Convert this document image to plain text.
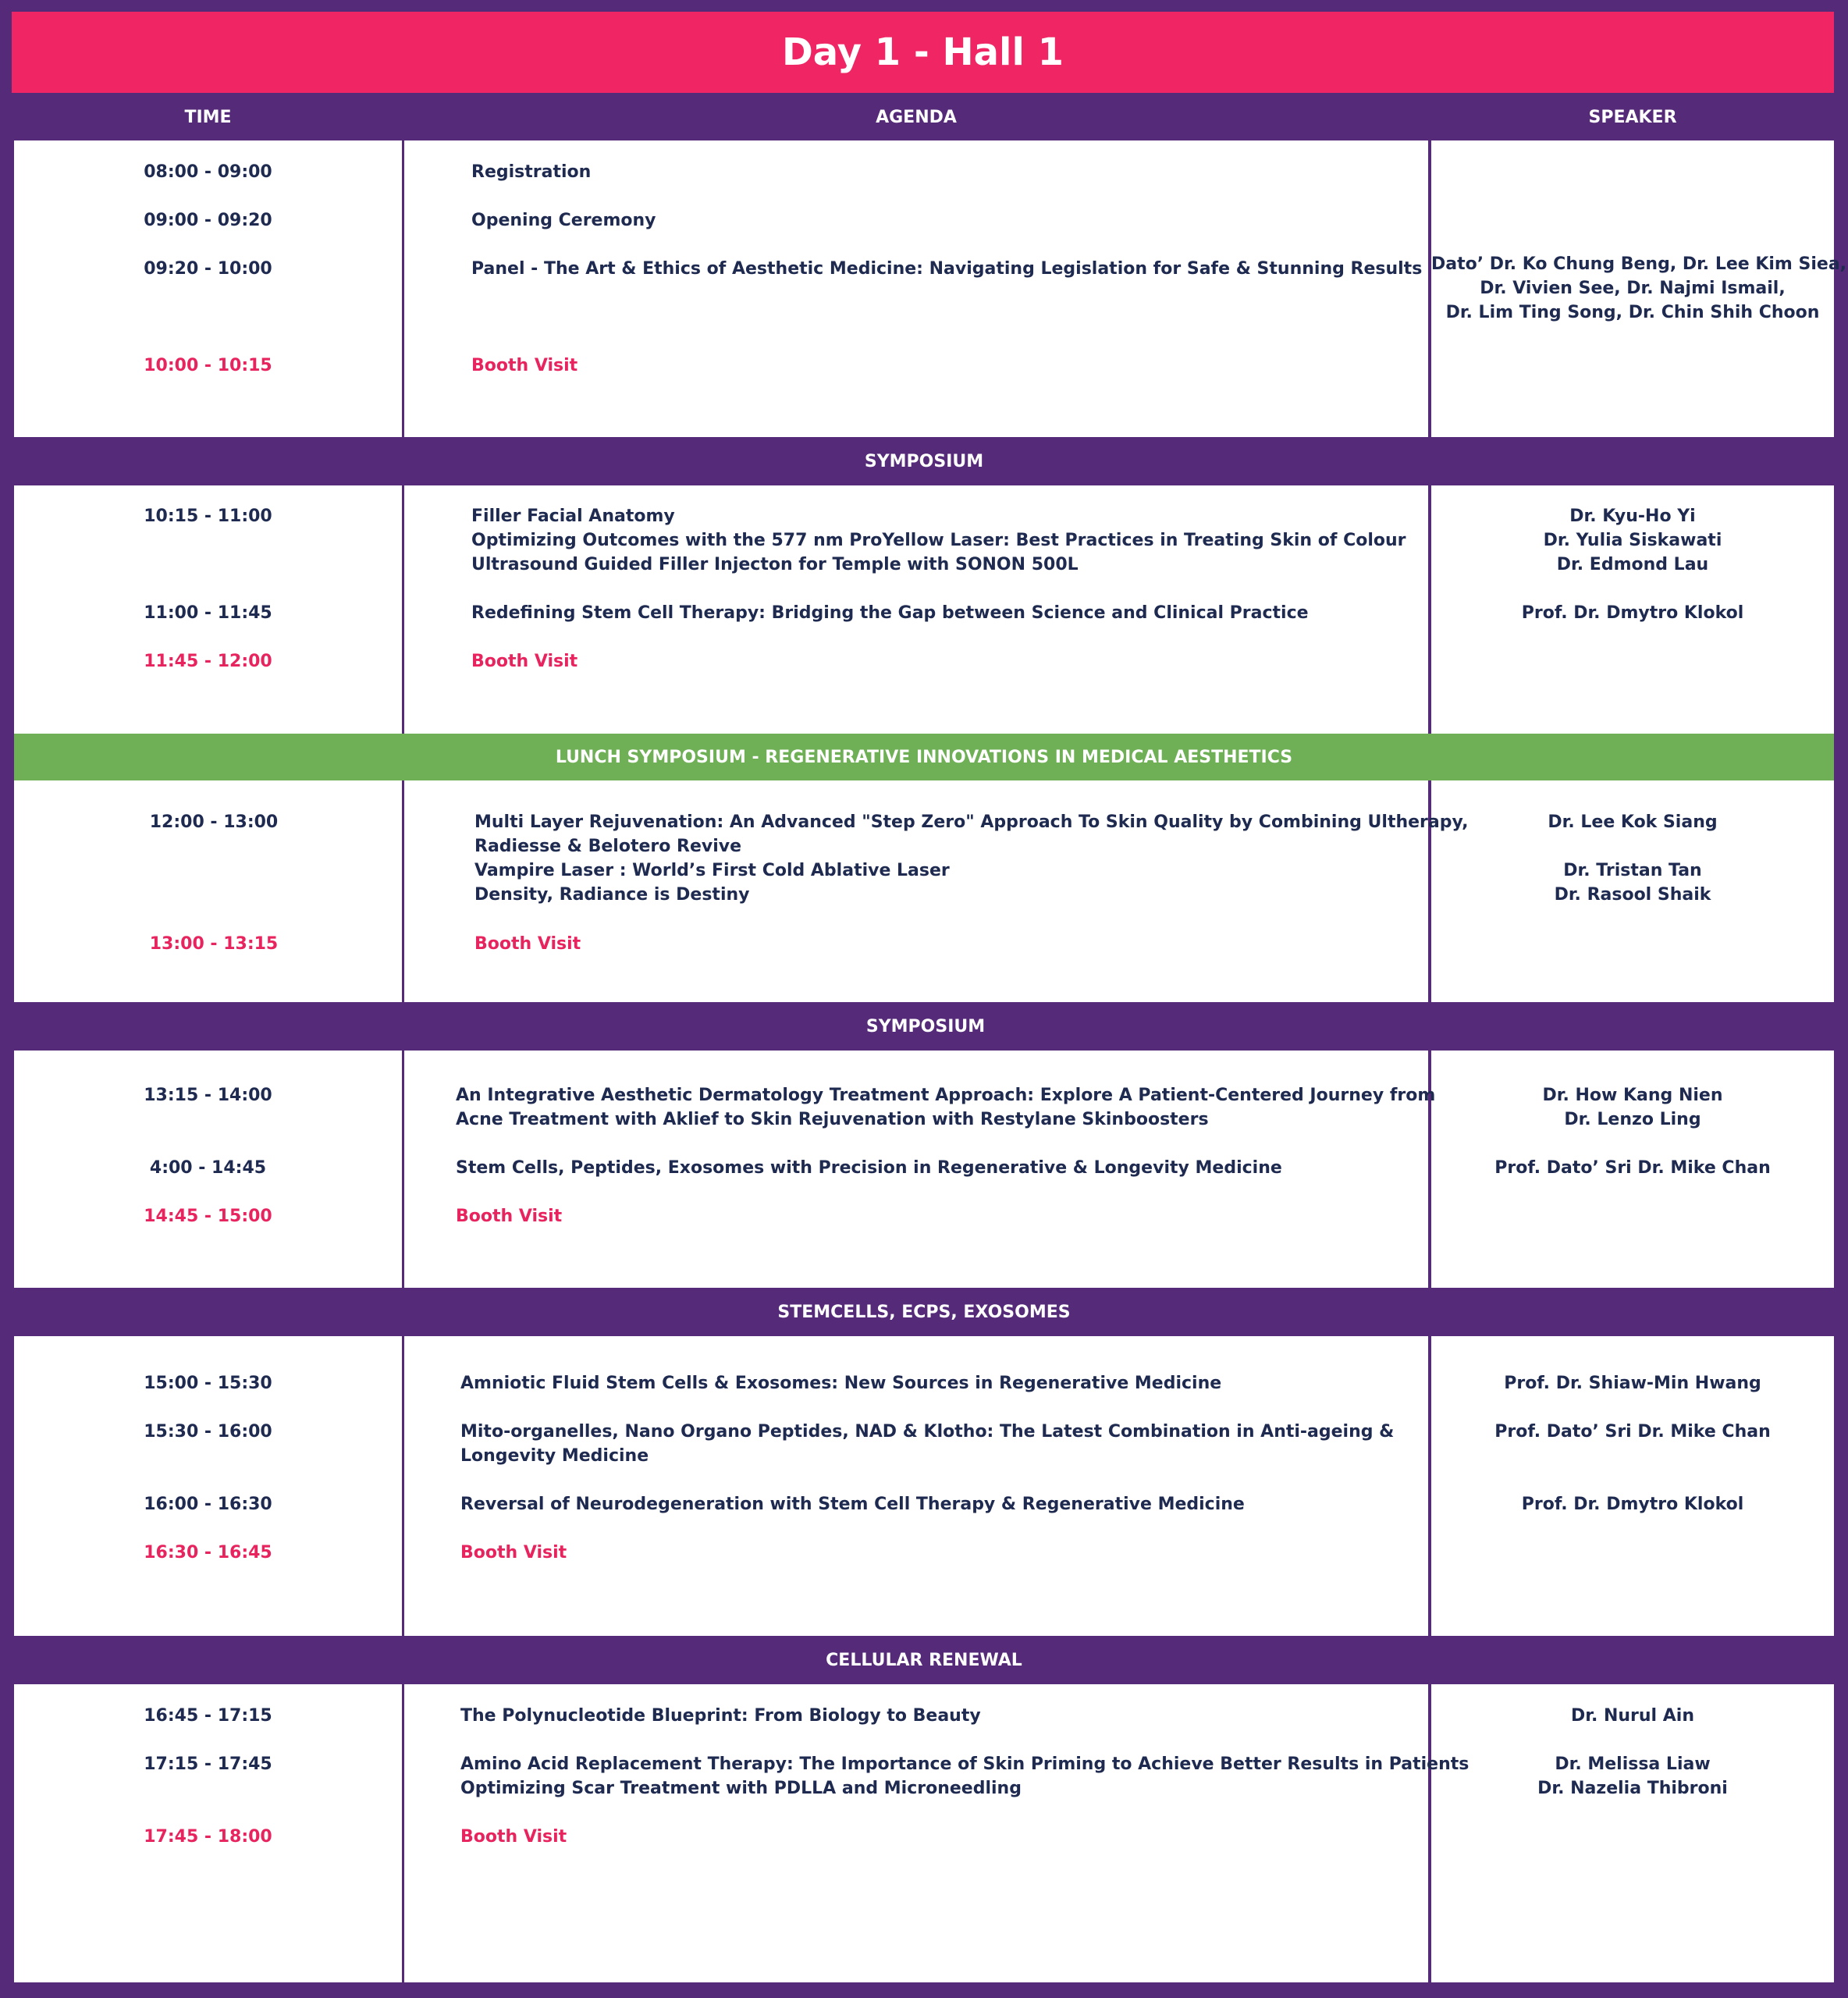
Day 1 - Hall 1
TIME	AGENDA	SPEAKER
08:00 - 09:00
09:00 - 09:20
09:20 - 10:00
10:00 - 10:15
Registration
Opening Ceremony
Panel - The Art & Ethics of Aesthetic Medicine: Navigating Legislation for Safe & Stunning Results
Booth Visit
Dato’ Dr. Ko Chung Beng, Dr. Lee Kim Siea,
Dr. Vivien See, Dr. Najmi Ismail,
Dr. Lim Ting Song, Dr. Chin Shih Choon
SYMPOSIUM
10:15 - 11:00
11:00 - 11:45
11:45 - 12:00
Filler Facial Anatomy
Optimizing Outcomes with the 577 nm ProYellow Laser: Best Practices in Treating Skin of Colour
Ultrasound Guided Filler Injecton for Temple with SONON 500L
Redefining Stem Cell Therapy: Bridging the Gap between Science and Clinical Practice
Booth Visit
Dr. Kyu-Ho Yi
Dr. Yulia Siskawati
Dr. Edmond Lau
Prof. Dr. Dmytro Klokol
LUNCH SYMPOSIUM - REGENERATIVE INNOVATIONS IN MEDICAL AESTHETICS
12:00 - 13:00
13:00 - 13:15
Multi Layer Rejuvenation: An Advanced "Step Zero" Approach To Skin Quality by Combining Ultherapy,
Radiesse & Belotero Revive
Vampire Laser : World’s First Cold Ablative Laser
Density, Radiance is Destiny
Booth Visit
Dr. Lee Kok Siang
Dr. Tristan Tan
Dr. Rasool Shaik
SYMPOSIUM
13:15 - 14:00
4:00 - 14:45
14:45 - 15:00
An Integrative Aesthetic Dermatology Treatment Approach: Explore A Patient-Centered Journey from
Acne Treatment with Aklief to Skin Rejuvenation with Restylane Skinboosters
Stem Cells, Peptides, Exosomes with Precision in Regenerative & Longevity Medicine
Booth Visit
Dr. How Kang Nien
Dr. Lenzo Ling
Prof. Dato’ Sri Dr. Mike Chan
STEMCELLS, ECPS, EXOSOMES
15:00 - 15:30
15:30 - 16:00
16:00 - 16:30
16:30 - 16:45
Amniotic Fluid Stem Cells & Exosomes: New Sources in Regenerative Medicine
Mito-organelles, Nano Organo Peptides, NAD & Klotho: The Latest Combination in Anti-ageing &
Longevity Medicine
Reversal of Neurodegeneration with Stem Cell Therapy & Regenerative Medicine
Booth Visit
Prof. Dr. Shiaw-Min Hwang
Prof. Dato’ Sri Dr. Mike Chan
Prof. Dr. Dmytro Klokol
CELLULAR RENEWAL
16:45 - 17:15
17:15 - 17:45
17:45 - 18:00
The Polynucleotide Blueprint: From Biology to Beauty
Amino Acid Replacement Therapy: The Importance of Skin Priming to Achieve Better Results in Patients
Optimizing Scar Treatment with PDLLA and Microneedling
Booth Visit
Dr. Nurul Ain
Dr. Melissa Liaw
Dr. Nazelia Thibroni
